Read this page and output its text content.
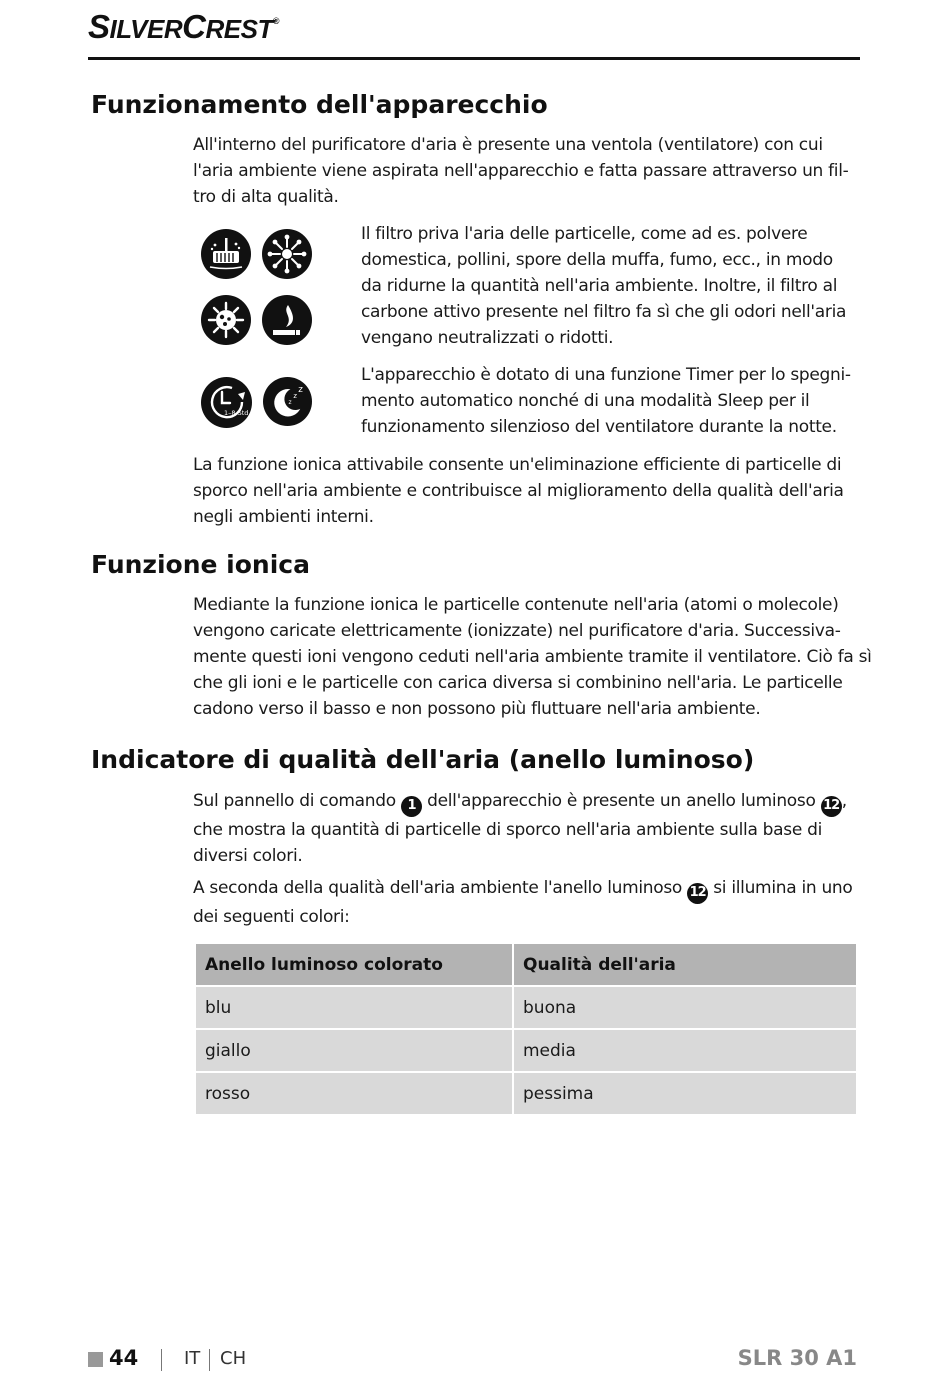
SILVERCREST®
Funzionamento dell'apparecchio
All'interno del purificatore d'aria è presente una ventola (ventilatore) con cui
l'aria ambiente viene aspirata nell'apparecchio e fatta passare attraverso un fil-
tro di alta qualità.
1–8 Std.
z
z
z
Il filtro priva l'aria delle particelle, come ad es. polvere
domestica, pollini, spore della muffa, fumo, ecc., in modo
da ridurne la quantità nell'aria ambiente. Inoltre, il filtro al
carbone attivo presente nel filtro fa sì che gli odori nell'aria
vengano neutralizzati o ridotti.
L'apparecchio è dotato di una funzione Timer per lo spegni-
mento automatico nonché di una modalità Sleep per il
funzionamento silenzioso del ventilatore durante la notte.
La funzione ionica attivabile consente un'eliminazione efficiente di particelle di
sporco nell'aria ambiente e contribuisce al miglioramento della qualità dell'aria
negli ambienti interni.
Funzione ionica
Mediante la funzione ionica le particelle contenute nell'aria (atomi o molecole)
vengono caricate elettricamente (ionizzate) nel purificatore d'aria. Successiva-
mente questi ioni vengono ceduti nell'aria ambiente tramite il ventilatore. Ciò fa sì
che gli ioni e le particelle con carica diversa si combinino nell'aria. Le particelle
cadono verso il basso e non possono più fluttuare nell'aria ambiente.
Indicatore di qualità dell'aria (anello luminoso)
Sul pannello di comando 1 dell'apparecchio è presente un anello luminoso 12 ,
che mostra la quantità di particelle di sporco nell'aria ambiente sulla base di
diversi colori.
A seconda della qualità dell'aria ambiente l'anello luminoso 12 si illumina in uno
dei seguenti colori:
Anello luminoso colorato	Qualità dell'aria
blu	buona
giallo	media
rosso	pessima
44	IT CH	SLR 30 A1
